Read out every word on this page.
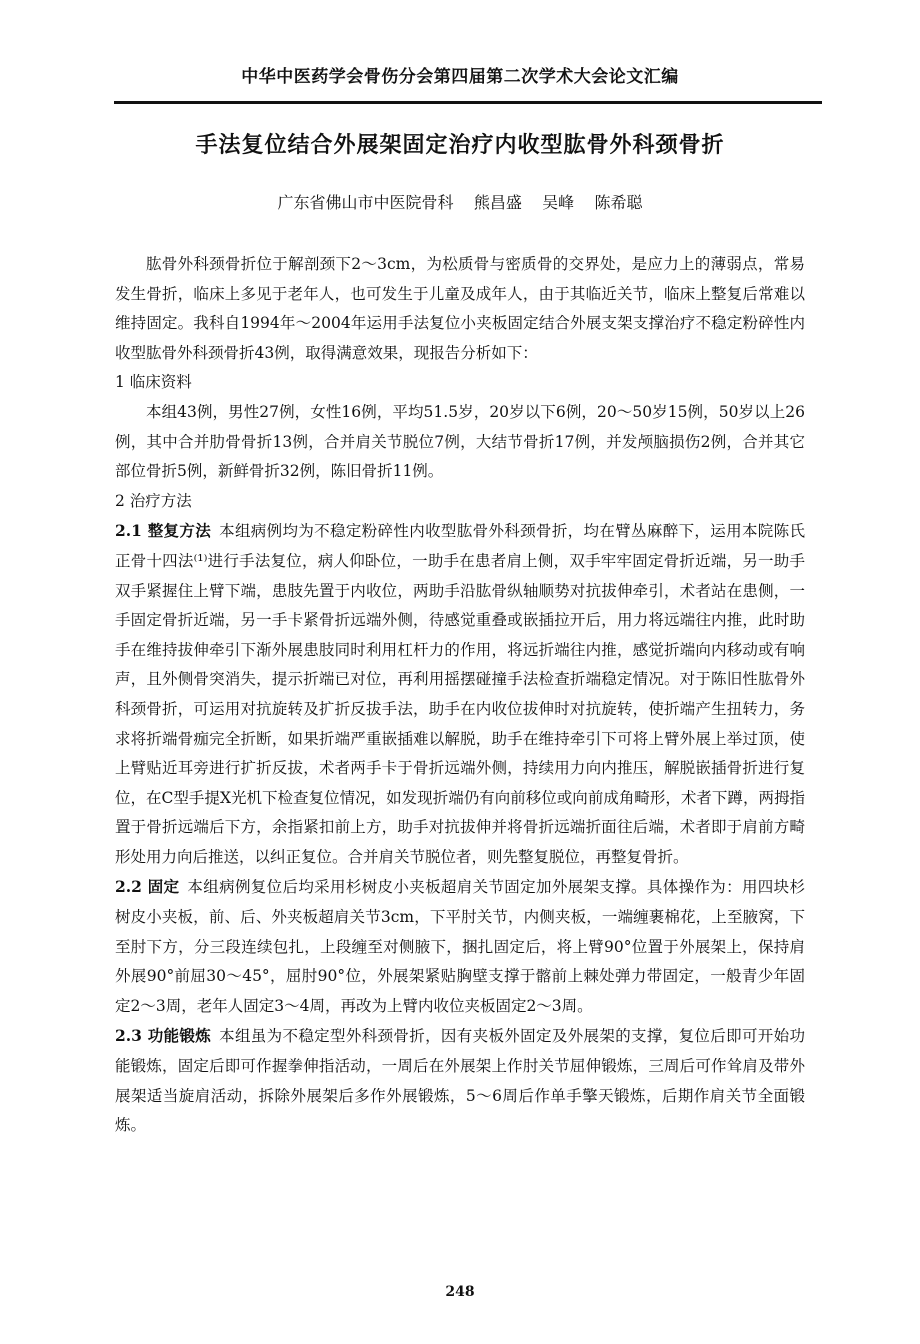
中华中医药学会骨伤分会第四届第二次学术大会论文汇编
手法复位结合外展架固定治疗内收型肱骨外科颈骨折
广东省佛山市中医院骨科    熊昌盛    吴峰    陈希聪

肱骨外科颈骨折位于解剖颈下2～3cm，为松质骨与密质骨的交界处，是应力上的薄弱点，常易发生骨折，临床上多见于老年人，也可发生于儿童及成年人，由于其临近关节，临床上整复后常难以维持固定。我科自1994年～2004年运用手法复位小夹板固定结合外展支架支撑治疗不稳定粉碎性内收型肱骨外科颈骨折43例，取得满意效果，现报告分析如下：

1 临床资料

本组43例，男性27例，女性16例，平均51.5岁，20岁以下6例，20～50岁15例，50岁以上26例，其中合并肋骨骨折13例，合并肩关节脱位7例，大结节骨折17例，并发颅脑损伤2例，合并其它部位骨折5例，新鲜骨折32例，陈旧骨折11例。

2 治疗方法

2.1 整复方法 本组病例均为不稳定粉碎性内收型肱骨外科颈骨折，均在臂丛麻醉下，运用本院陈氏正骨十四法⁽¹⁾进行手法复位，病人仰卧位，一助手在患者肩上侧，双手牢牢固定骨折近端，另一助手双手紧握住上臂下端，患肢先置于内收位，两助手沿肱骨纵轴顺势对抗拔伸牵引，术者站在患侧，一手固定骨折近端，另一手卡紧骨折远端外侧，待感觉重叠或嵌插拉开后，用力将远端往内推，此时助手在维持拔伸牵引下渐外展患肢同时利用杠杆力的作用，将远折端往内推，感觉折端向内移动或有响声，且外侧骨突消失，提示折端已对位，再利用摇摆碰撞手法检查折端稳定情况。对于陈旧性肱骨外科颈骨折，可运用对抗旋转及扩折反拔手法，助手在内收位拔伸时对抗旋转，使折端产生扭转力，务求将折端骨痂完全折断，如果折端严重嵌插难以解脱，助手在维持牵引下可将上臂外展上举过顶，使上臂贴近耳旁进行扩折反拔，术者两手卡于骨折远端外侧，持续用力向内推压，解脱嵌插骨折进行复位，在C型手提X光机下检查复位情况，如发现折端仍有向前移位或向前成角畸形，术者下蹲，两拇指置于骨折远端后下方，余指紧扣前上方，助手对抗拔伸并将骨折远端折面往后端，术者即于肩前方畸形处用力向后推送，以纠正复位。合并肩关节脱位者，则先整复脱位，再整复骨折。

2.2 固定 本组病例复位后均采用杉树皮小夹板超肩关节固定加外展架支撑。具体操作为：用四块杉树皮小夹板，前、后、外夹板超肩关节3cm，下平肘关节，内侧夹板，一端缠裹棉花，上至腋窝，下至肘下方，分三段连续包扎，上段缠至对侧腋下，捆扎固定后，将上臂90°位置于外展架上，保持肩外展90°前屈30～45°，屈肘90°位，外展架紧贴胸壁支撑于髂前上棘处弹力带固定，一般青少年固定2～3周，老年人固定3～4周，再改为上臂内收位夹板固定2～3周。

2.3 功能锻炼 本组虽为不稳定型外科颈骨折，因有夹板外固定及外展架的支撑，复位后即可开始功能锻炼，固定后即可作握拳伸指活动，一周后在外展架上作肘关节屈伸锻炼，三周后可作耸肩及带外展架适当旋肩活动，拆除外展架后多作外展锻炼，5～6周后作单手擎天锻炼，后期作肩关节全面锻炼。

248
